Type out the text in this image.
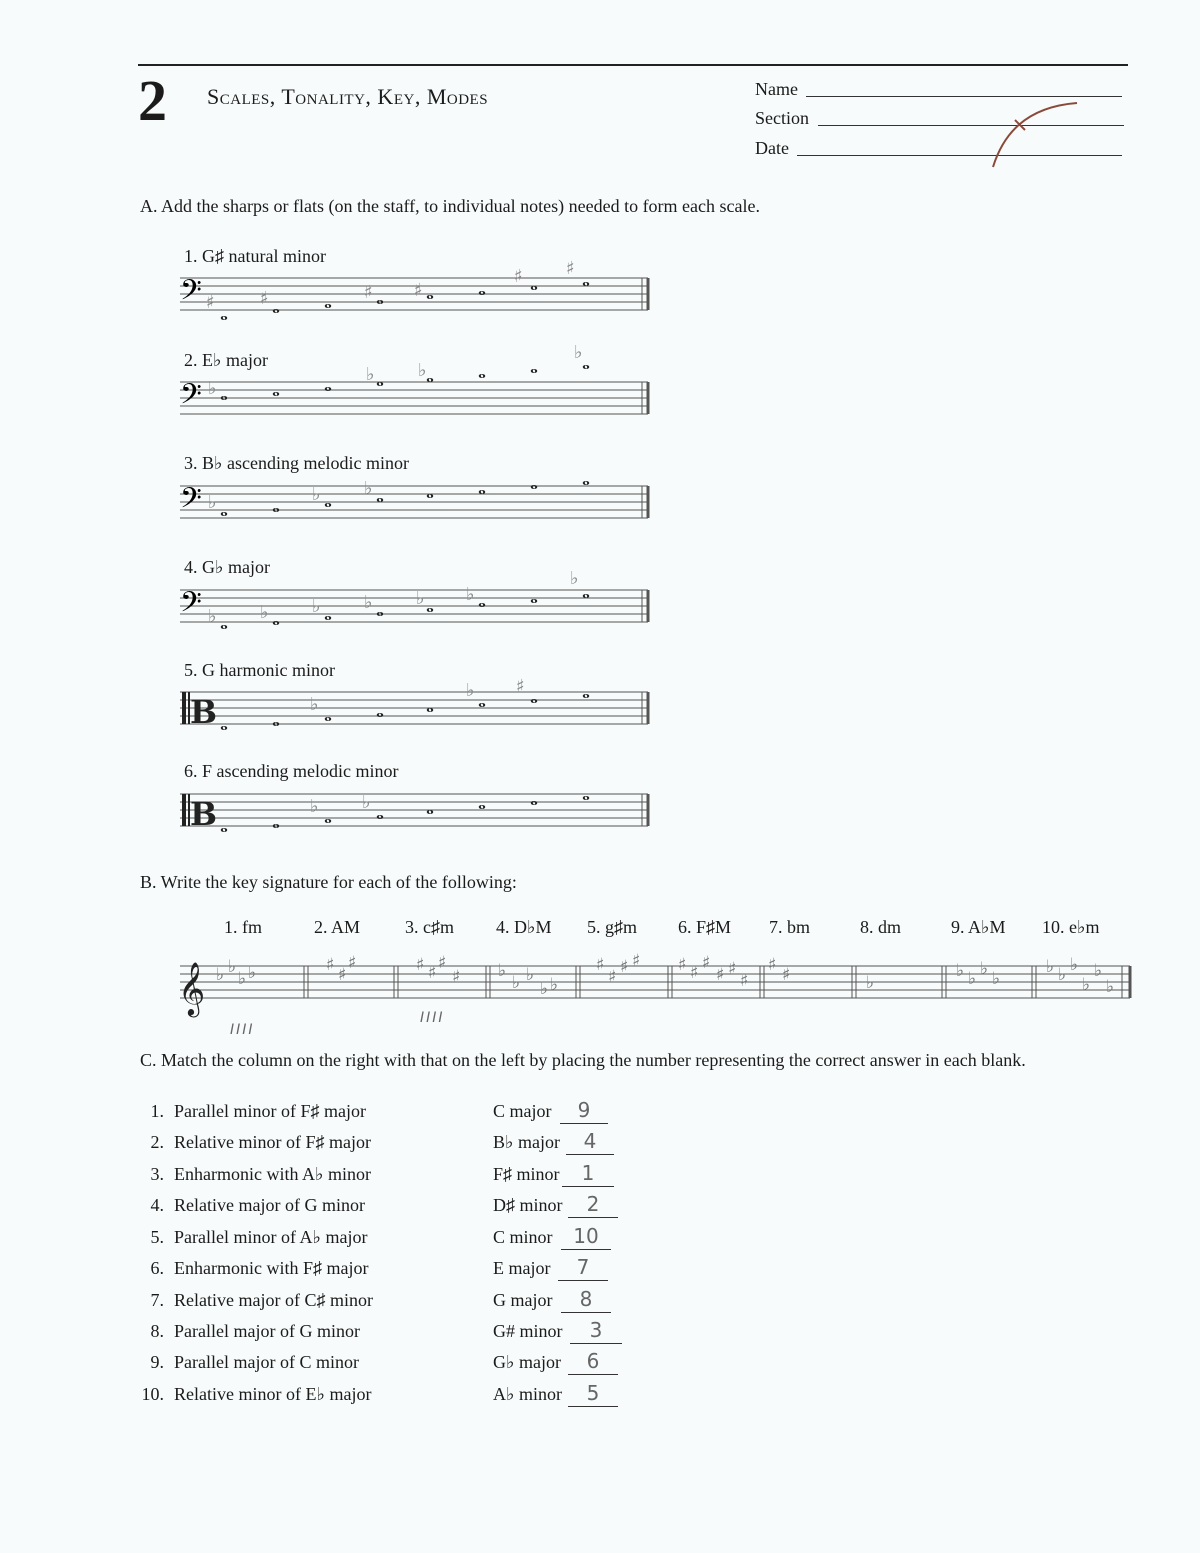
2 Scales, Tonality, Key, Modes	Name
Section
Date
A. Add the sharps or flats (on the staff, to individual notes) needed to form each scale.
1. G♯ natural minor
𝄢 𝅝 𝅝 𝅝 𝅝 𝅝 𝅝 𝅝 𝅝
♯	♯	♯ ♯
♯ ♯
2. E♭ major
𝄢 𝅝 𝅝 𝅝 𝅝 𝅝 𝅝 𝅝 𝅝
♭
♭ ♭
♭
3. B♭ ascending melodic minor
𝄢 𝅝 𝅝 𝅝 𝅝 𝅝 𝅝 𝅝 𝅝
♭	♭ ♭
4. G♭ major
𝄢 𝅝 𝅝 𝅝 𝅝 𝅝 𝅝 𝅝 𝅝
♭ ♭ ♭ ♭ ♭ ♭
♭
5. G harmonic minor
B 𝅝 𝅝 𝅝 𝅝 𝅝 𝅝 𝅝 𝅝
♭
♭ ♯
6. F ascending melodic minor
B 𝅝 𝅝 𝅝 𝅝 𝅝 𝅝 𝅝 𝅝
♭ ♭
B. Write the key signature for each of the following:
1. fm	2. AM 3. c♯m 4. D♭M 5. g♯m 6. F♯M 7. bm	8. dm	9. A♭M 10. e♭m
𝄞 ♭ ♭
♭ ♭	♯ ♯
♯	♯ ♯ ♯
♯ ♭
♭ ♭
♭ ♭
♯
♯ ♯ ♯ ♯ ♯ ♯
♯ ♯
♯
♯ ♯	♭
♭ ♭ ♭ ♭
♭ ♭ ♭
♭
♭
♭
IIII
IIII
C. Match the column on the right with that on the left by placing the number representing the correct answer in each blank.
1. Parallel minor of F♯ major	C major	9
2. Relative minor of F♯ major	B♭ major	4
3. Enharmonic with A♭ minor	F♯ minor	1
4. Relative major of G minor	D♯ minor	2
5. Parallel minor of A♭ major	C minor	10
6. Enharmonic with F♯ major	E major	7
7. Relative major of C♯ minor	G major	8
8. Parallel major of G minor	G# minor	3
9. Parallel major of C minor	G♭ major	6
10. Relative minor of E♭ major	A♭ minor	5
